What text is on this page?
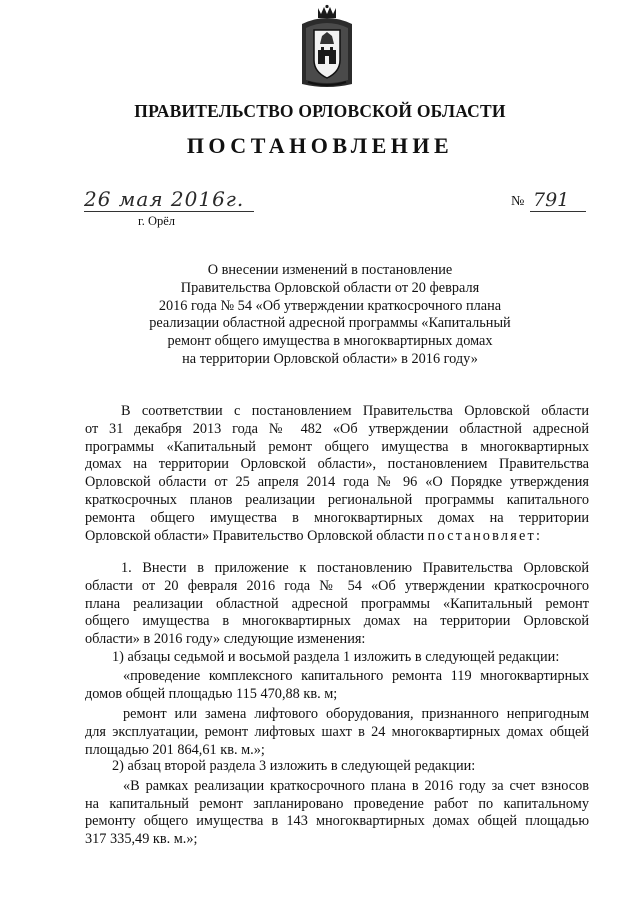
ПРАВИТЕЛЬСТВО ОРЛОВСКОЙ ОБЛАСТИ
ПОСТАНОВЛЕНИЕ
26 мая 2016г.
г. Орёл
№ 791
О внесении изменений в постановление
Правительства Орловской области от 20 февраля
2016 года № 54 «Об утверждении краткосрочного плана
реализации областной адресной программы «Капитальный
ремонт общего имущества в многоквартирных домах
на территории Орловской области» в 2016 году»

В соответствии с постановлением Правительства Орловской области

от 31 декабря 2013 года № 482 «Об утверждении областной адресной

программы «Капитальный ремонт общего имущества в многоквартирных

домах на территории Орловской области», постановлением Правительства

Орловской области от 25 апреля 2014 года № 96 «О Порядке утверждения

краткосрочных планов реализации региональной программы капитального

ремонта общего имущества в многоквартирных домах на территории

Орловской области» Правительство Орловской области постановляет:

1. Внести в приложение к постановлению Правительства Орловской

области от 20 февраля 2016 года № 54 «Об утверждении краткосрочного

плана реализации областной адресной программы «Капитальный ремонт

общего имущества в многоквартирных домах на территории Орловской

области» в 2016 году» следующие изменения:

1) абзацы седьмой и восьмой раздела 1 изложить в следующей редакции:

«проведение комплексного капитального ремонта 119 многоквартирных

домов общей площадью 115 470,88 кв. м;

ремонт или замена лифтового оборудования, признанного непригодным

для эксплуатации, ремонт лифтовых шахт в 24 многоквартирных домах общей

площадью 201 864,61 кв. м.»;

2) абзац второй раздела 3 изложить в следующей редакции:

«В рамках реализации краткосрочного плана в 2016 году за счет взносов

на капитальный ремонт запланировано проведение работ по капитальному

ремонту общего имущества в 143 многоквартирных домах общей площадью

317 335,49 кв. м.»;
